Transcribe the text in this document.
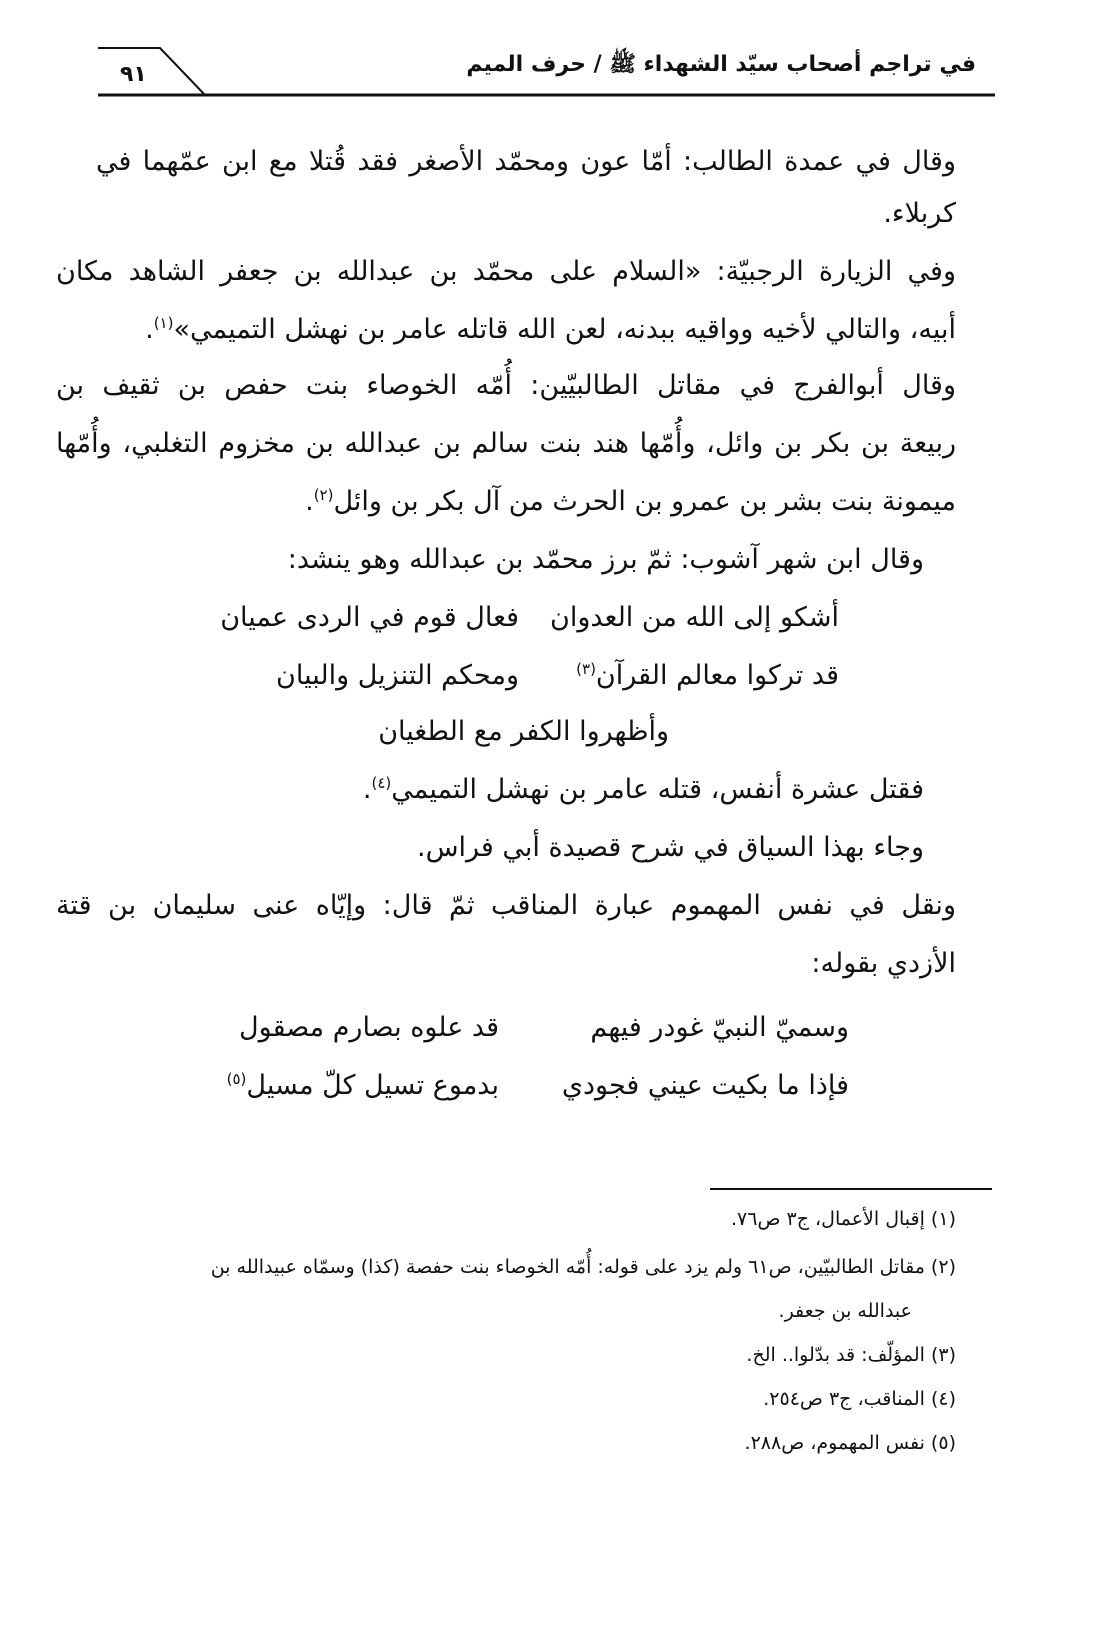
في تراجم أصحاب سيّد الشهداء ﷺ / حرف الميم
٩١
وقال في عمدة الطالب: أمّا عون ومحمّد الأصغر فقد قُتلا مع ابن عمّهما في
كربلاء.
وفي الزيارة الرجبيّة: «السلام على محمّد بن عبدالله بن جعفر الشاهد مكان
أبيه، والتالي لأخيه وواقيه ببدنه، لعن الله قاتله عامر بن نهشل التميمي»$^{(١)}$.
وقال أبوالفرج في مقاتل الطالبيّين: أُمّه الخوصاء بنت حفص بن ثقيف بن
ربيعة بن بكر بن وائل، وأُمّها هند بنت سالم بن عبدالله بن مخزوم التغلبي، وأُمّها
ميمونة بنت بشر بن عمرو بن الحرث من آل بكر بن وائل$^{(٢)}$.
وقال ابن شهر آشوب: ثمّ برز محمّد بن عبدالله وهو ينشد:
أشكو إلى الله من العدوان
فعال قوم في الردى عميان
قد تركوا معالم القرآن$^{(٣)}$
ومحكم التنزيل والبيان
وأظهروا الكفر مع الطغيان
فقتل عشرة أنفس، قتله عامر بن نهشل التميمي$^{(٤)}$.
وجاء بهذا السياق في شرح قصيدة أبي فراس.
ونقل في نفس المهموم عبارة المناقب ثمّ قال: وإيّاه عنى سليمان بن قتة
الأزدي بقوله:
وسميّ النبيّ غودر فيهم
قد علوه بصارم مصقول
فإذا ما بكيت عيني فجودي
بدموع تسيل كلّ مسيل$^{(٥)}$
(١) إقبال الأعمال، ج٣ ص٧٦.
(٢) مقاتل الطالبيّين، ص٦١ ولم يزد على قوله: أُمّه الخوصاء بنت حفصة (كذا) وسمّاه عبيدالله بن
عبدالله بن جعفر.
(٣) المؤلّف: قد بدّلوا.. الخ.
(٤) المناقب، ج٣ ص٢٥٤.
(٥) نفس المهموم، ص٢٨٨.
